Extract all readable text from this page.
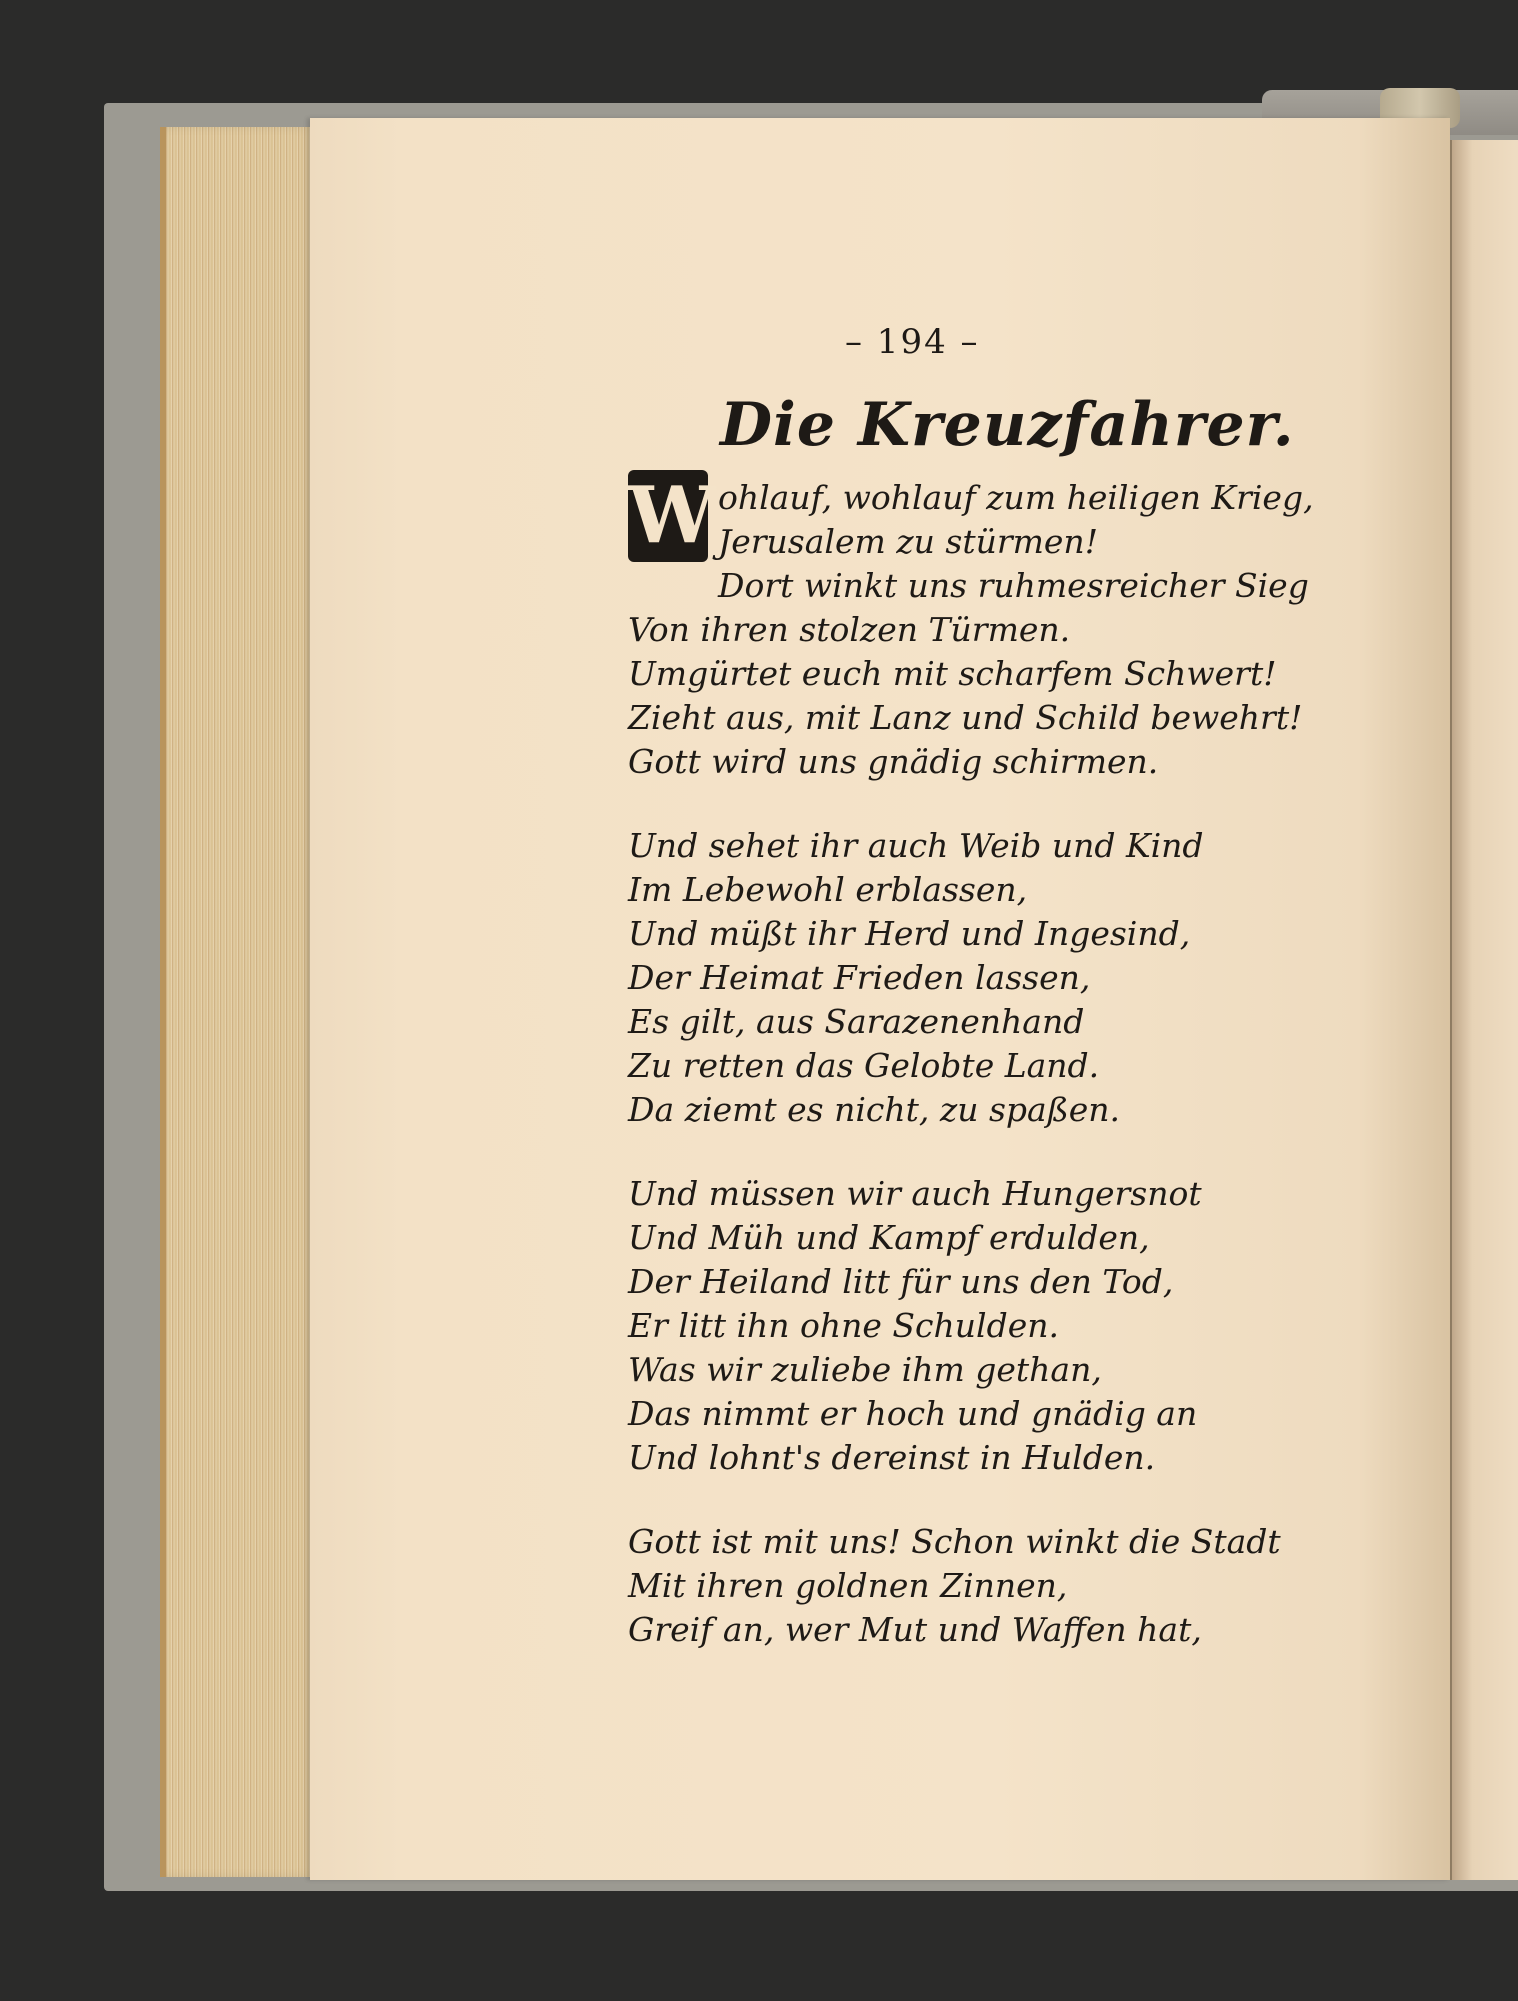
– 194 –
Die Kreuzfahrer.
W ohlauf, wohlauf zum heiligen Krieg,
Jerusalem zu stürmen!
Dort winkt uns ruhmesreicher Sieg
Von ihren stolzen Türmen.
Umgürtet euch mit scharfem Schwert!
Zieht aus, mit Lanz und Schild bewehrt!
Gott wird uns gnädig schirmen.
Und sehet ihr auch Weib und Kind
Im Lebewohl erblassen,
Und müßt ihr Herd und Ingesind,
Der Heimat Frieden lassen,
Es gilt, aus Sarazenenhand
Zu retten das Gelobte Land.
Da ziemt es nicht, zu spaßen.
Und müssen wir auch Hungersnot
Und Müh und Kampf erdulden,
Der Heiland litt für uns den Tod,
Er litt ihn ohne Schulden.
Was wir zuliebe ihm gethan,
Das nimmt er hoch und gnädig an
Und lohnt's dereinst in Hulden.
Gott ist mit uns! Schon winkt die Stadt
Mit ihren goldnen Zinnen,
Greif an, wer Mut und Waffen hat,
